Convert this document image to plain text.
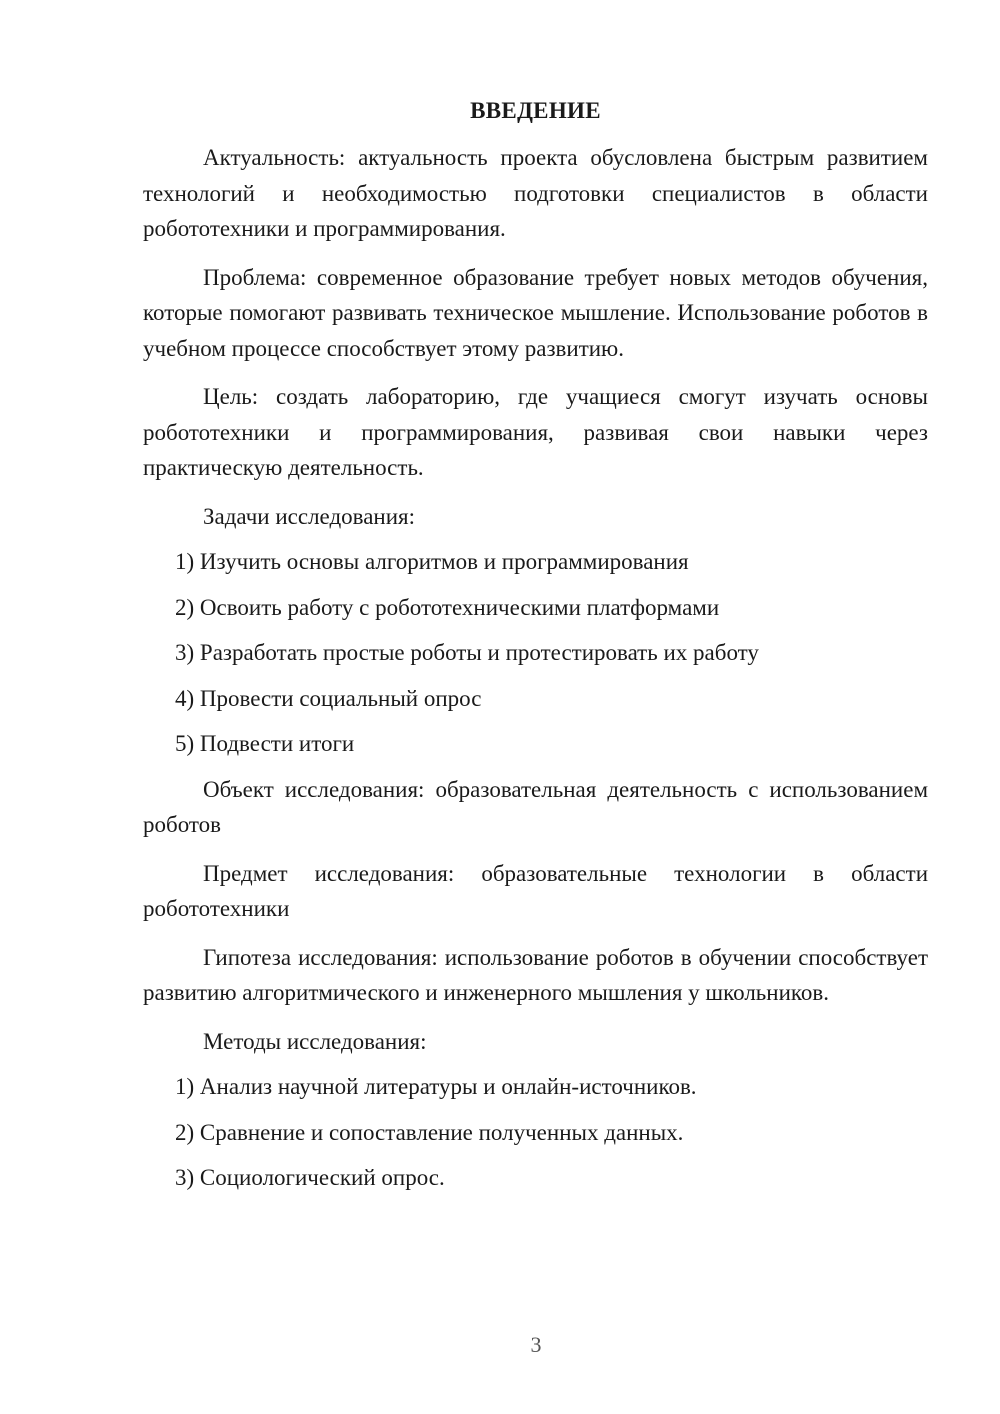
ВВЕДЕНИЕ

Актуальность: актуальность проекта обусловлена быстрым развитием технологий и необходимостью подготовки специалистов в области робототехники и программирования.

Проблема: современное образование требует новых методов обучения, которые помогают развивать техническое мышление. Использование роботов в учебном процессе способствует этому развитию.

Цель: создать лабораторию, где учащиеся смогут изучать основы робототехники и программирования, развивая свои навыки через практическую деятельность.

Задачи исследования:

1) Изучить основы алгоритмов и программирования
2) Освоить работу с робототехническими платформами
3) Разработать простые роботы и протестировать их работу
4) Провести социальный опрос
5) Подвести итоги

Объект исследования: образовательная деятельность с использованием роботов

Предмет исследования: образовательные технологии в области робототехники

Гипотеза исследования: использование роботов в обучении способствует развитию алгоритмического и инженерного мышления у школьников.

Методы исследования:

1) Анализ научной литературы и онлайн-источников.
2) Сравнение и сопоставление полученных данных.
3) Социологический опрос.
3
